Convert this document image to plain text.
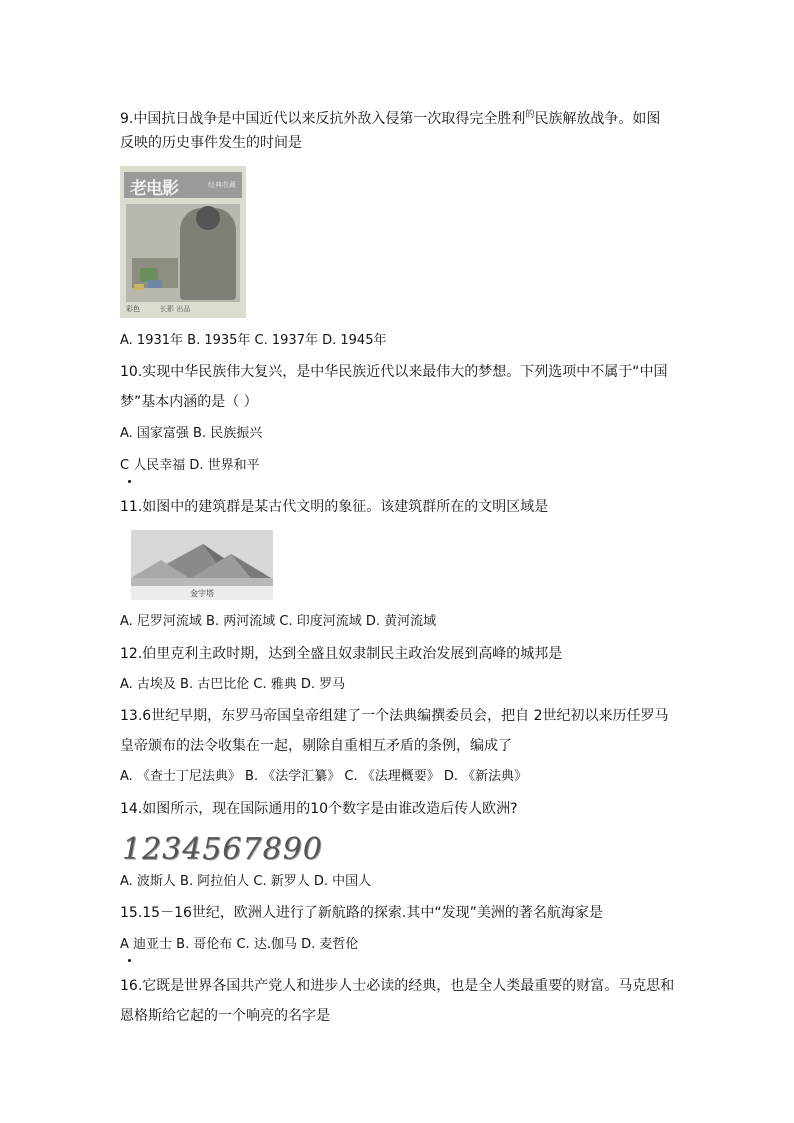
9.中国抗日战争是中国近代以来反抗外敌入侵第一次取得完全胜利$^的$民族解放战争。如图
反映的历史事件发生的时间是
老电影	经典收藏
彩色	长影 出品
A. 1931年 B. 1935年 C. 1937年 D. 1945年
10.实现中华民族伟大复兴，是中华民族近代以来最伟大的梦想。下列选项中不属于“中国
梦”基本内涵的是（ ）
A. 国家富强 B. 民族振兴
C 人民幸福 D. 世界和平
11.如图中的建筑群是某古代文明的象征。该建筑群所在的文明区域是
金字塔
A. 尼罗河流域 B. 两河流域 C. 印度河流域 D. 黄河流域
12.伯里克利主政时期，达到全盛且奴隶制民主政治发展到高峰的城邦是
A. 古埃及 B. 古巴比伦 C. 雅典 D. 罗马
13.6世纪早期，东罗马帝国皇帝组建了一个法典编撰委员会，把自 2世纪初以来历任罗马
皇帝颁布的法令收集在一起，剔除自重相互矛盾的条例，编成了
A. 《查士丁尼法典》 B. 《法学汇纂》 C. 《法理概要》 D. 《新法典》
14.如图所示，现在国际通用的10个数字是由谁改造后传人欧洲?
1234567890
A. 波斯人 B. 阿拉伯人 C. 新罗人 D. 中国人
15.15－16世纪，欧洲人进行了新航路的探索.其中“发现”美洲的著名航海家是
A 迪亚士 B. 哥伦布 C. 达.伽马 D. 麦哲伦
16.它既是世界各国共产党人和进步人士必读的经典，也是全人类最重要的财富。马克思和
恩格斯给它起的一个响亮的名字是
